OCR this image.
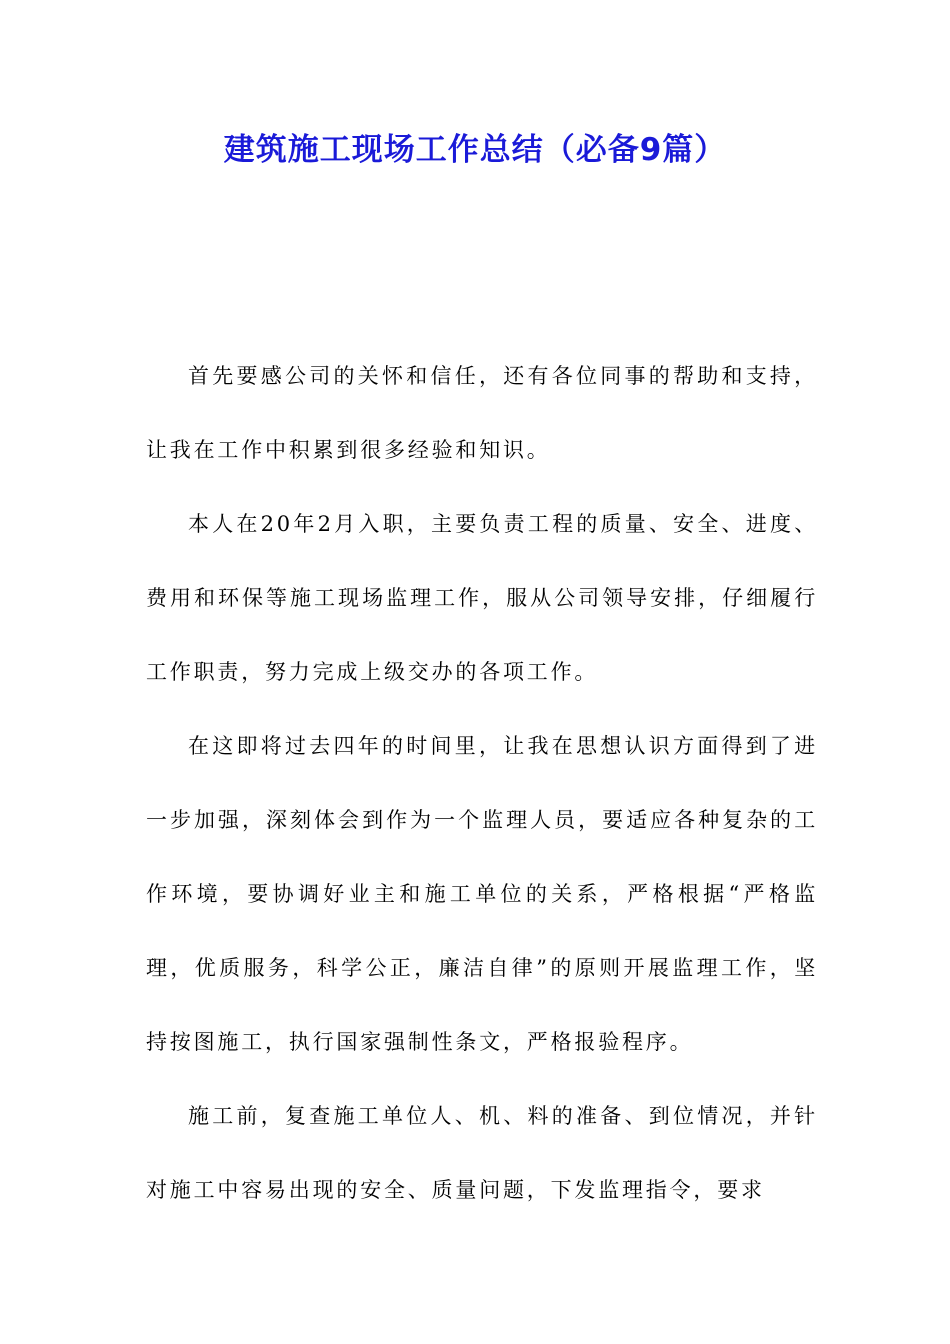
建筑施工现场工作总结（必备9篇）

首先要感公司的关怀和信任，还有各位同事的帮助和支持，让我在工作中积累到很多经验和知识。

本人在20年2月入职，主要负责工程的质量、安全、进度、费用和环保等施工现场监理工作，服从公司领导安排，仔细履行工作职责，努力完成上级交办的各项工作。

在这即将过去四年的时间里，让我在思想认识方面得到了进一步加强，深刻体会到作为一个监理人员，要适应各种复杂的工作环境，要协调好业主和施工单位的关系，严格根据“严格监理，优质服务，科学公正，廉洁自律”的原则开展监理工作，坚持按图施工，执行国家强制性条文，严格报验程序。

施工前，复查施工单位人、机、料的准备、到位情况，并针对施工中容易出现的安全、质量问题，下发监理指令，要求
